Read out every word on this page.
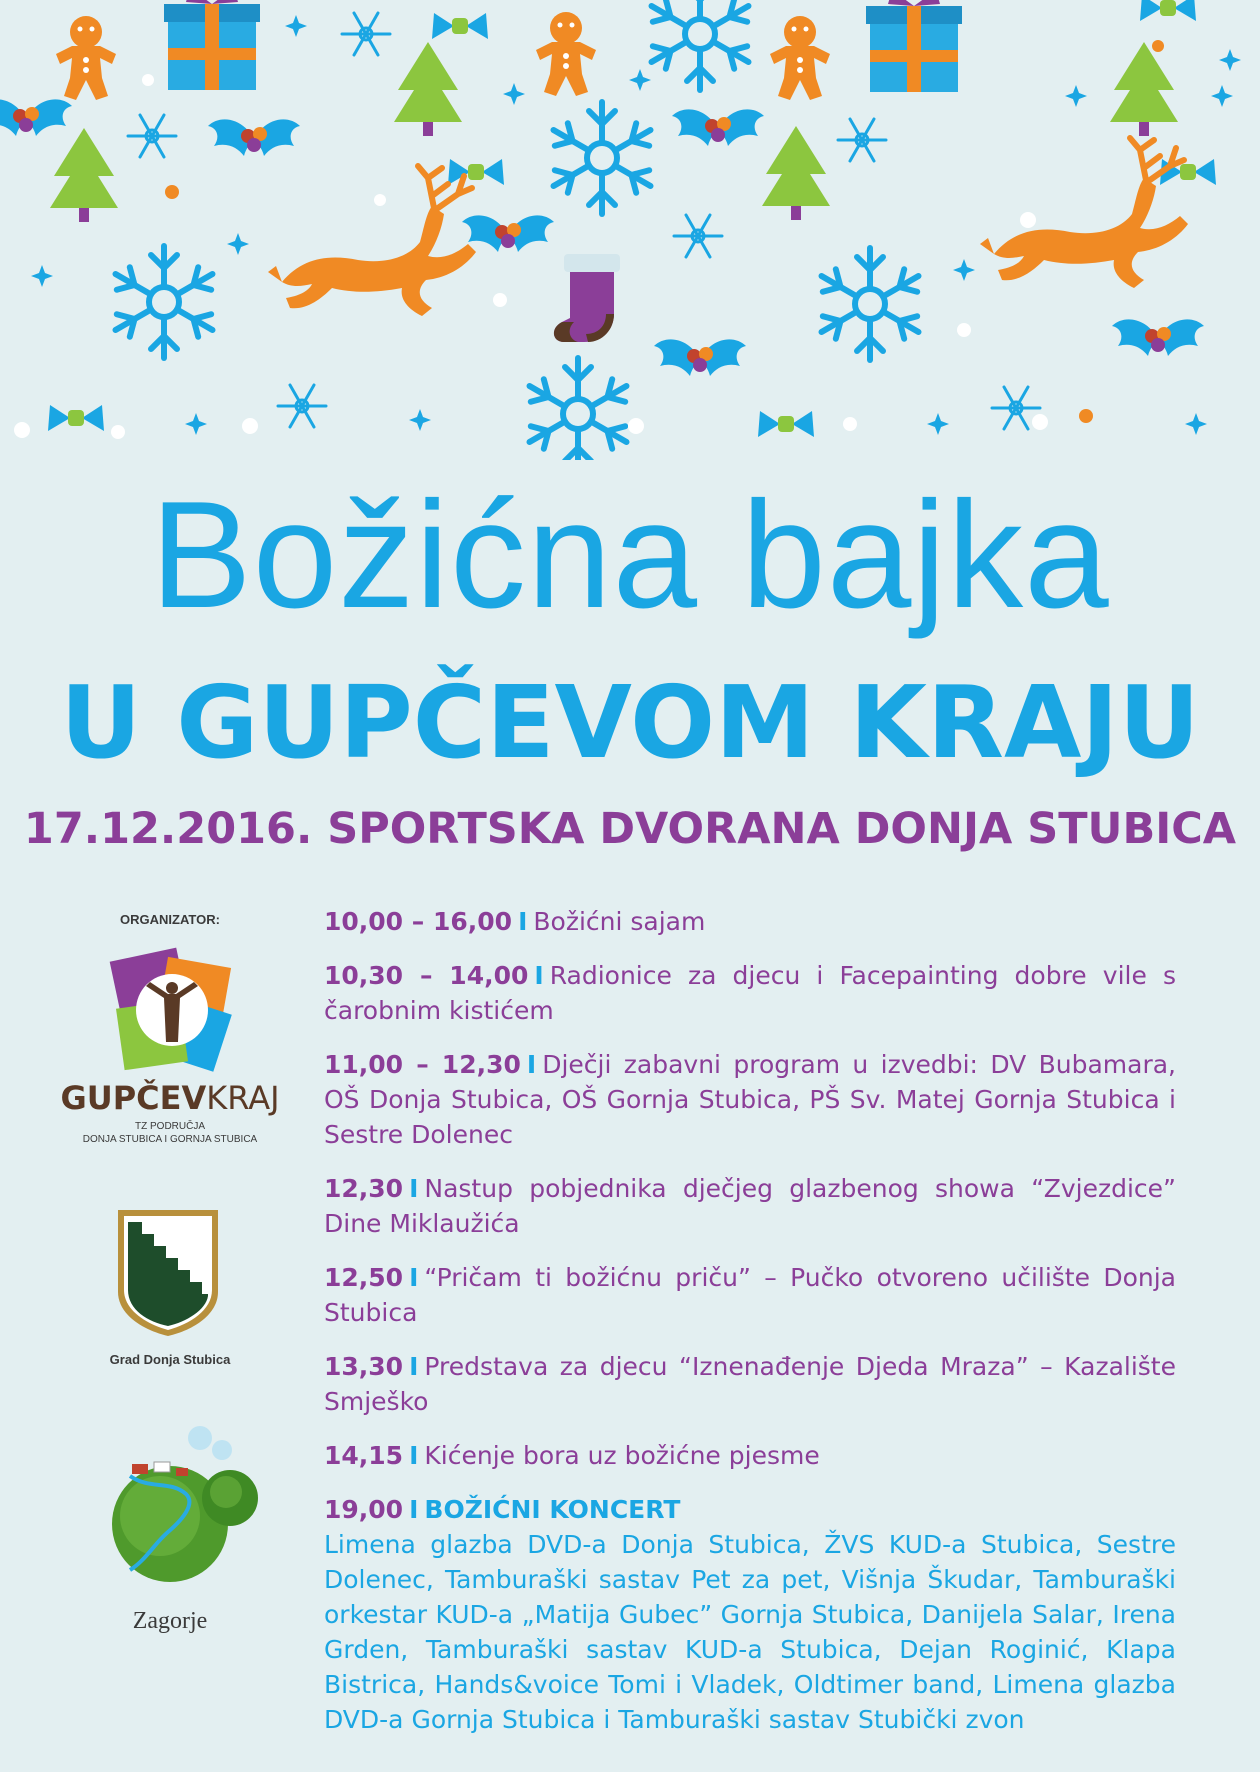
Božićna bajka
U GUPČEVOM KRAJU
17.12.2016. SPORTSKA DVORANA DONJA STUBICA
ORGANIZATOR:
GUPČEVKRAJ
TZ PODRUČJA
DONJA STUBICA I GORNJA STUBICA
Grad Donja Stubica
Zagorje
10,00 – 16,00 I Božićni sajam
10,30 – 14,00 I Radionice za djecu i Facepainting dobre vile s čarobnim kistićem
11,00 – 12,30 I Dječji zabavni program u izvedbi: DV Bubamara, OŠ Donja Stubica, OŠ Gornja Stubica, PŠ Sv. Matej Gornja Stubica i Sestre Dolenec
12,30 I Nastup pobjednika dječjeg glazbenog showa “Zvjezdice” Dine Miklaužića
12,50 I “Pričam ti božićnu priču” – Pučko otvoreno učilište Donja Stubica
13,30 I Predstava za djecu “Iznenađenje Djeda Mraza” – Kazalište Smješko
14,15 I Kićenje bora uz božićne pjesme
19,00 I BOŽIĆNI KONCERT
Limena glazba DVD-a Donja Stubica, ŽVS KUD-a Stubica, Sestre Dolenec, Tamburaški sastav Pet za pet, Višnja Škudar, Tamburaški orkestar KUD-a „Matija Gubec” Gornja Stubica, Danijela Salar, Irena Grden, Tamburaški sastav KUD-a Stubica, Dejan Roginić, Klapa Bistrica, Hands&voice Tomi i Vladek, Oldtimer band, Limena glazba DVD-a Gornja Stubica i Tamburaški sastav Stubički zvon
